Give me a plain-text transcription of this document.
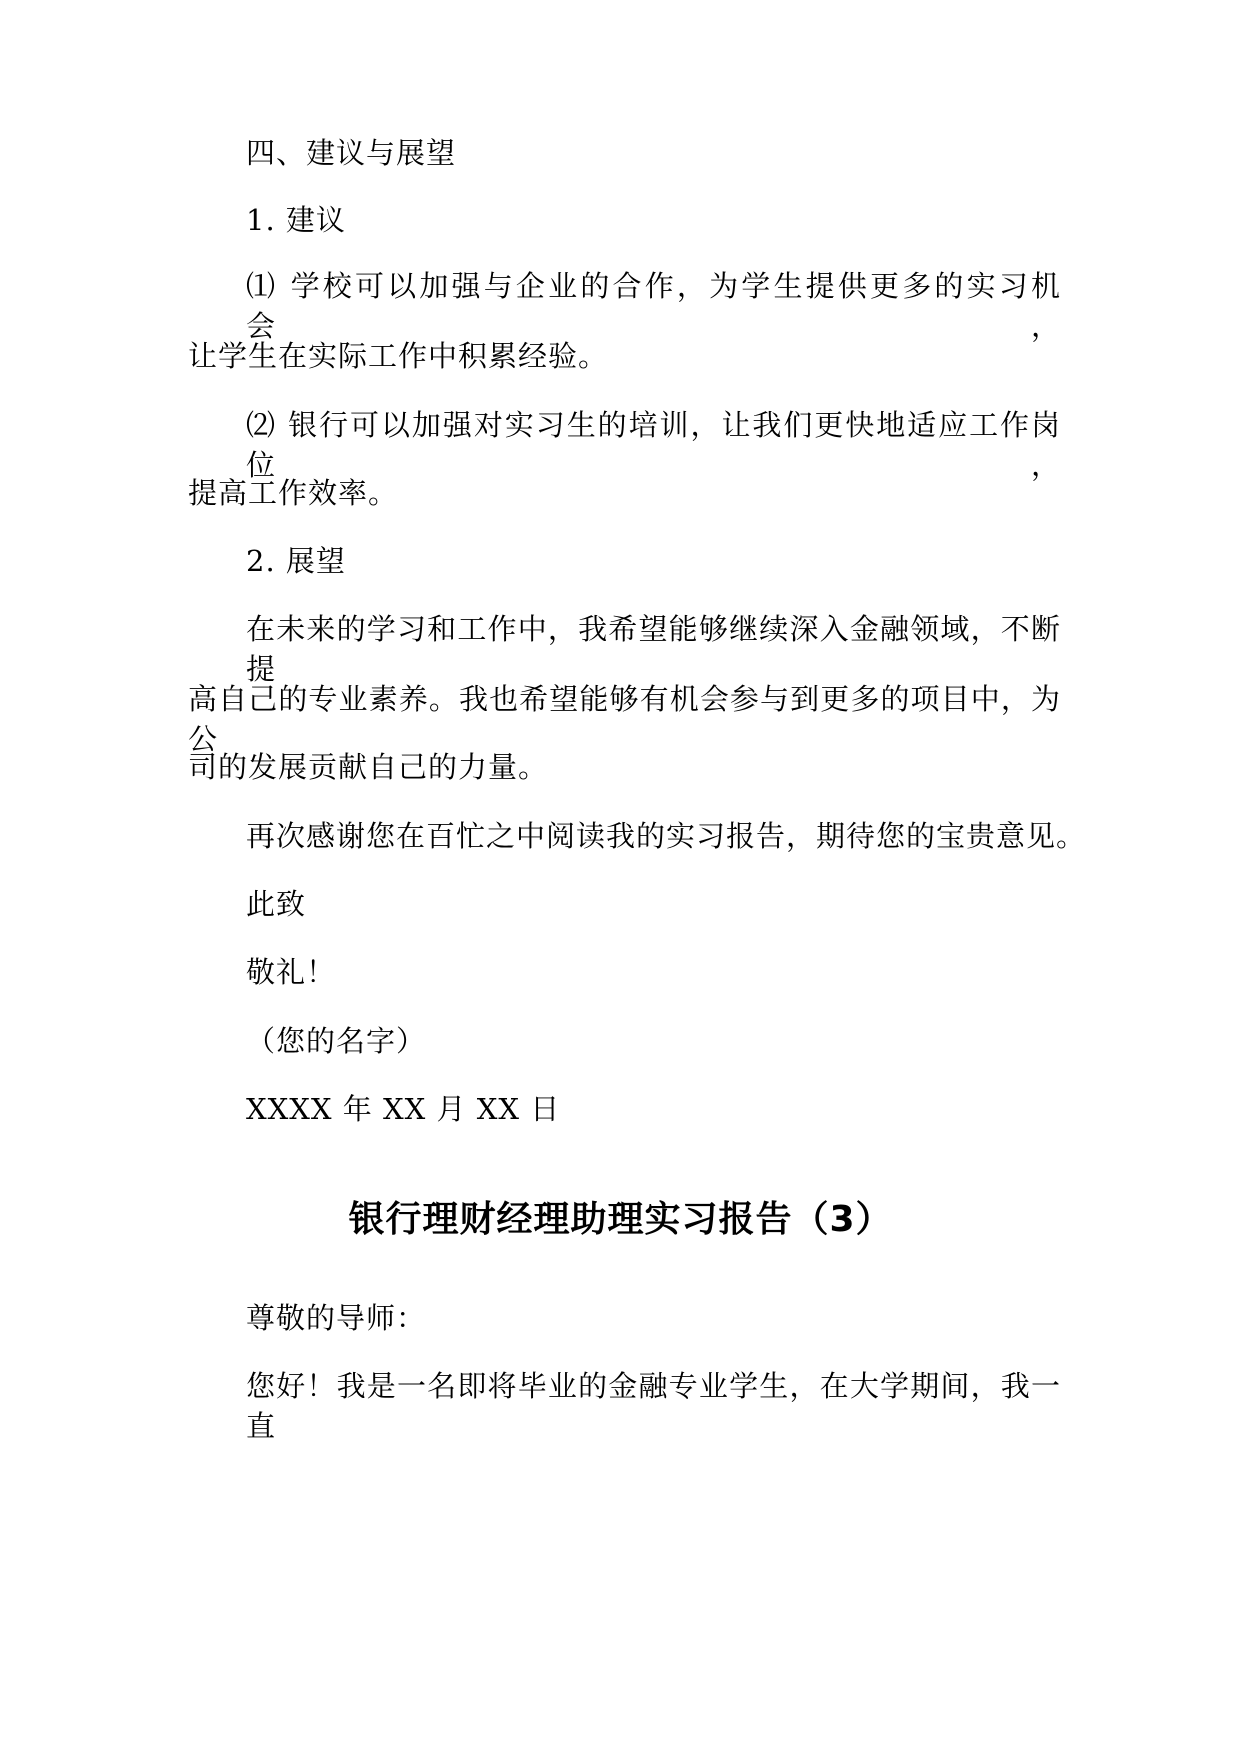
四、建议与展望
1. 建议
⑴ 学校可以加强与企业的合作，为学生提供更多的实习机会，
让学生在实际工作中积累经验。
⑵ 银行可以加强对实习生的培训，让我们更快地适应工作岗位，
提高工作效率。
2. 展望
在未来的学习和工作中，我希望能够继续深入金融领域，不断提
高自己的专业素养。我也希望能够有机会参与到更多的项目中，为公
司的发展贡献自己的力量。
再次感谢您在百忙之中阅读我的实习报告，期待您的宝贵意见。
此致
敬礼！
（您的名字）
XXXX 年 XX 月 XX 日
银行理财经理助理实习报告（3）
尊敬的导师：
您好！我是一名即将毕业的金融专业学生，在大学期间，我一直
